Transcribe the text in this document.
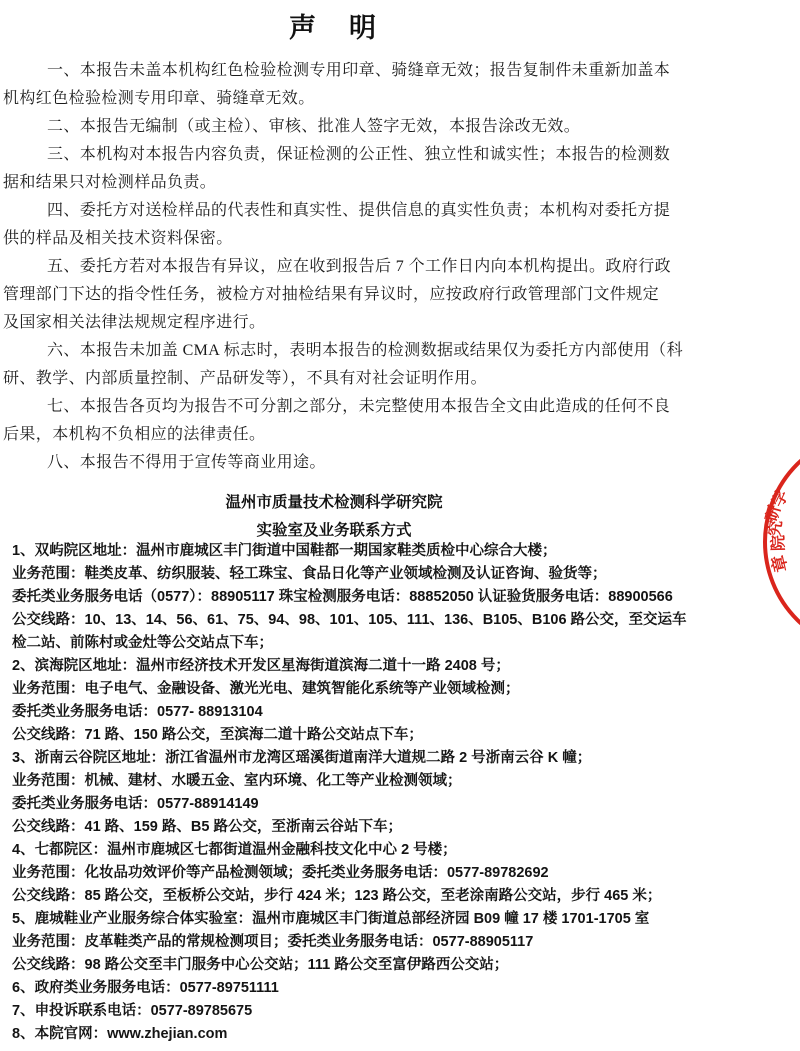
声　明
一、本报告未盖本机构红色检验检测专用印章、骑缝章无效；报告复制件未重新加盖本
机构红色检验检测专用印章、骑缝章无效。
二、本报告无编制（或主检）、审核、批准人签字无效，本报告涂改无效。
三、本机构对本报告内容负责，保证检测的公正性、独立性和诚实性；本报告的检测数
据和结果只对检测样品负责。
四、委托方对送检样品的代表性和真实性、提供信息的真实性负责；本机构对委托方提
供的样品及相关技术资料保密。
五、委托方若对本报告有异议，应在收到报告后 7 个工作日内向本机构提出。政府行政
管理部门下达的指令性任务，被检方对抽检结果有异议时，应按政府行政管理部门文件规定
及国家相关法律法规规定程序进行。
六、本报告未加盖 CMA 标志时，表明本报告的检测数据或结果仅为委托方内部使用（科
研、教学、内部质量控制、产品研发等），不具有对社会证明作用。
七、本报告各页均为报告不可分割之部分，未完整使用本报告全文由此造成的任何不良
后果，本机构不负相应的法律责任。
八、本报告不得用于宣传等商业用途。
温州市质量技术检测科学研究院
实验室及业务联系方式
1、双屿院区地址：温州市鹿城区丰门街道中国鞋都一期国家鞋类质检中心综合大楼；
业务范围：鞋类皮革、纺织服装、轻工珠宝、食品日化等产业领域检测及认证咨询、验货等；
委托类业务服务电话（0577）：88905117 珠宝检测服务电话：88852050 认证验货服务电话：88900566
公交线路：10、13、14、56、61、75、94、98、101、105、111、136、B105、B106 路公交，至交运车
检二站、前陈村或金灶等公交站点下车；
2、滨海院区地址：温州市经济技术开发区星海街道滨海二道十一路 2408 号；
业务范围：电子电气、金融设备、激光光电、建筑智能化系统等产业领域检测；
委托类业务服务电话：0577- 88913104
公交线路：71 路、150 路公交，至滨海二道十路公交站点下车；
3、浙南云谷院区地址：浙江省温州市龙湾区瑶溪街道南洋大道规二路 2 号浙南云谷 K 幢；
业务范围：机械、建材、水暖五金、室内环境、化工等产业检测领域；
委托类业务服务电话：0577-88914149
公交线路：41 路、159 路、B5 路公交，至浙南云谷站下车；
4、七都院区：温州市鹿城区七都街道温州金融科技文化中心 2 号楼；
业务范围：化妆品功效评价等产品检测领域；委托类业务服务电话：0577-89782692
公交线路：85 路公交，至板桥公交站，步行 424 米；123 路公交，至老涂南路公交站，步行 465 米；
5、鹿城鞋业产业服务综合体实验室：温州市鹿城区丰门街道总部经济园 B09 幢 17 楼 1701-1705 室
业务范围：皮革鞋类产品的常规检测项目；委托类业务服务电话：0577-88905117
公交线路：98 路公交至丰门服务中心公交站；111 路公交至富伊路西公交站；
6、政府类业务服务电话：0577-89751111
7、申投诉联系电话：0577-89785675
8、本院官网：www.zhejian.com
学
研
究
院
章
